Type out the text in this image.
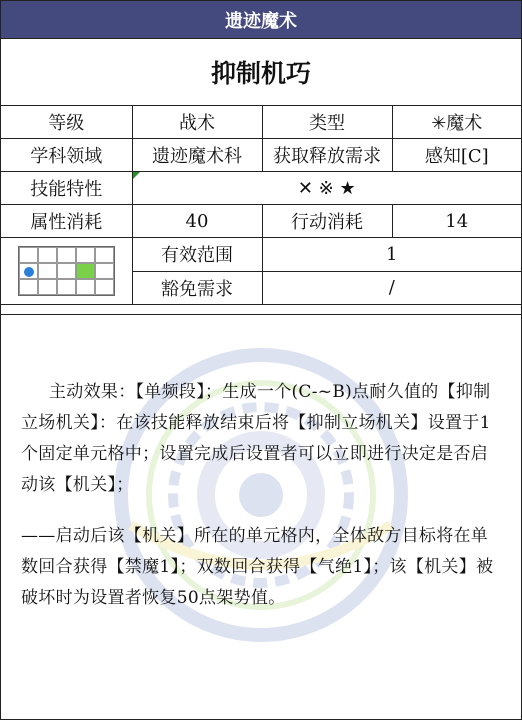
遗迹魔术
抑制机巧
等级	战术	类型	✳魔术
学科领域	遗迹魔术科	获取释放需求	感知[C]
技能特性	✕ ※ ★		
属性消耗	40	行动消耗	14

	有效范围	1	
	豁免需求	/	

主动效果：【单频段】；生成一个(C-~B)点耐久值的【抑制立场机关】：在该技能释放结束后将【抑制立场机关】设置于1个固定单元格中；设置完成后设置者可以立即进行决定是否启动该【机关】；

——启动后该【机关】所在的单元格内，全体敌方目标将在单数回合获得【禁魔1】；双数回合获得【气绝1】；该【机关】被破坏时为设置者恢复50点架势值。
